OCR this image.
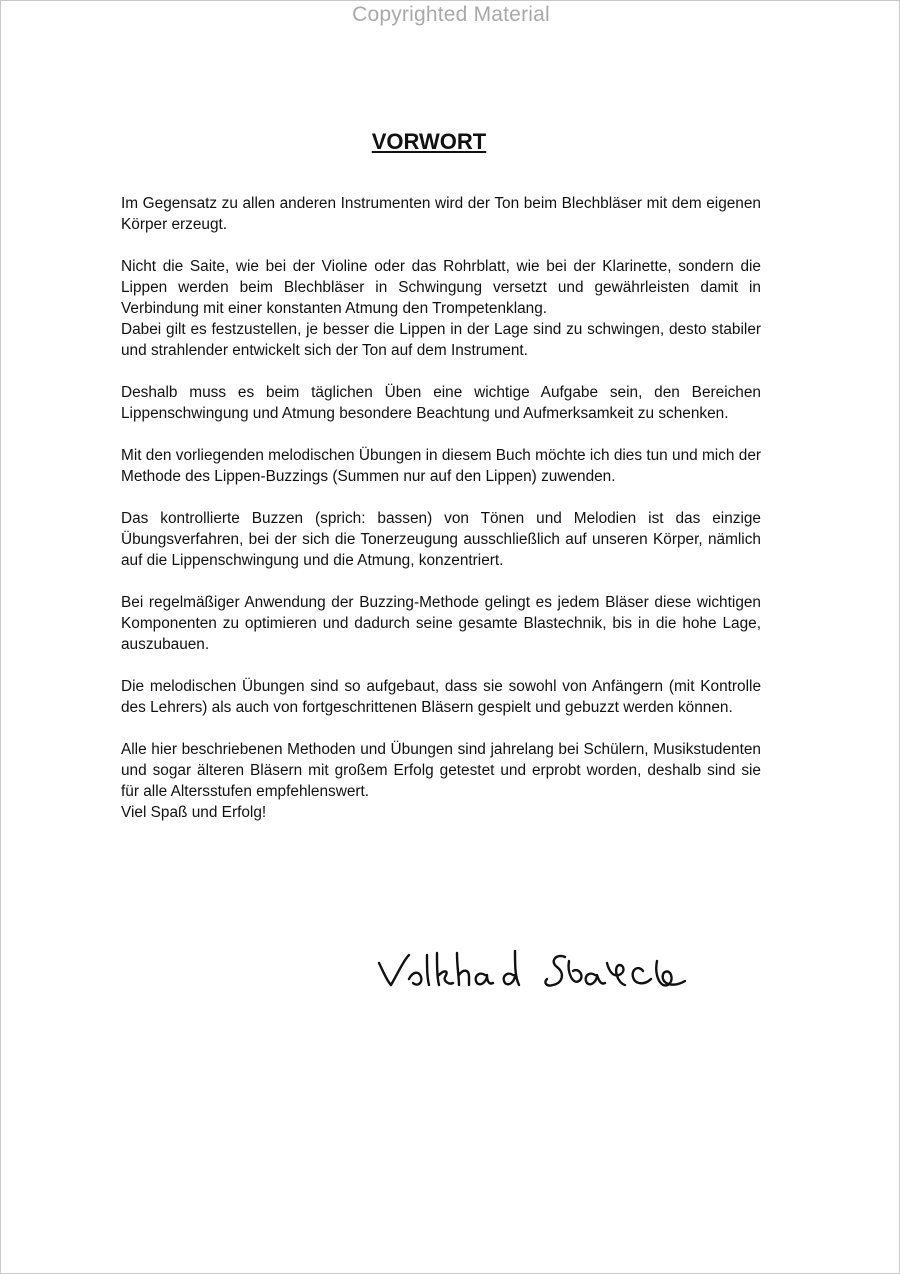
Copyrighted Material
VORWORT

Im Gegensatz zu allen anderen Instrumenten wird der Ton beim Blechbläser mit dem eigenen Körper erzeugt.

Nicht die Saite, wie bei der Violine oder das Rohrblatt, wie bei der Klarinette, sondern die Lippen werden beim Blechbläser in Schwingung versetzt und gewährleisten damit in Verbindung mit einer konstanten Atmung den Trompetenklang.
Dabei gilt es festzustellen, je besser die Lippen in der Lage sind zu schwingen, desto stabiler und strahlender entwickelt sich der Ton auf dem Instrument.

Deshalb muss es beim täglichen Üben eine wichtige Aufgabe sein, den Bereichen Lippenschwingung und Atmung besondere Beachtung und Aufmerksamkeit zu schenken.

Mit den vorliegenden melodischen Übungen in diesem Buch möchte ich dies tun und mich der Methode des Lippen-Buzzings (Summen nur auf den Lippen) zuwenden.

Das kontrollierte Buzzen (sprich: bassen) von Tönen und Melodien ist das einzige Übungsverfahren, bei der sich die Tonerzeugung ausschließlich auf unseren Körper, nämlich auf die Lippenschwingung und die Atmung, konzentriert.

Bei regelmäßiger Anwendung der Buzzing-Methode gelingt es jedem Bläser diese wichtigen Komponenten zu optimieren und dadurch seine gesamte Blastechnik, bis in die hohe Lage, auszubauen.

Die melodischen Übungen sind so aufgebaut, dass sie sowohl von Anfängern (mit Kontrolle des Lehrers) als auch von fortgeschrittenen Bläsern gespielt und gebuzzt werden können.

Alle hier beschriebenen Methoden und Übungen sind jahrelang bei Schülern, Musikstudenten und sogar älteren Bläsern mit großem Erfolg getestet und erprobt worden, deshalb sind sie für alle Altersstufen empfehlenswert.
Viel Spaß und Erfolg!
